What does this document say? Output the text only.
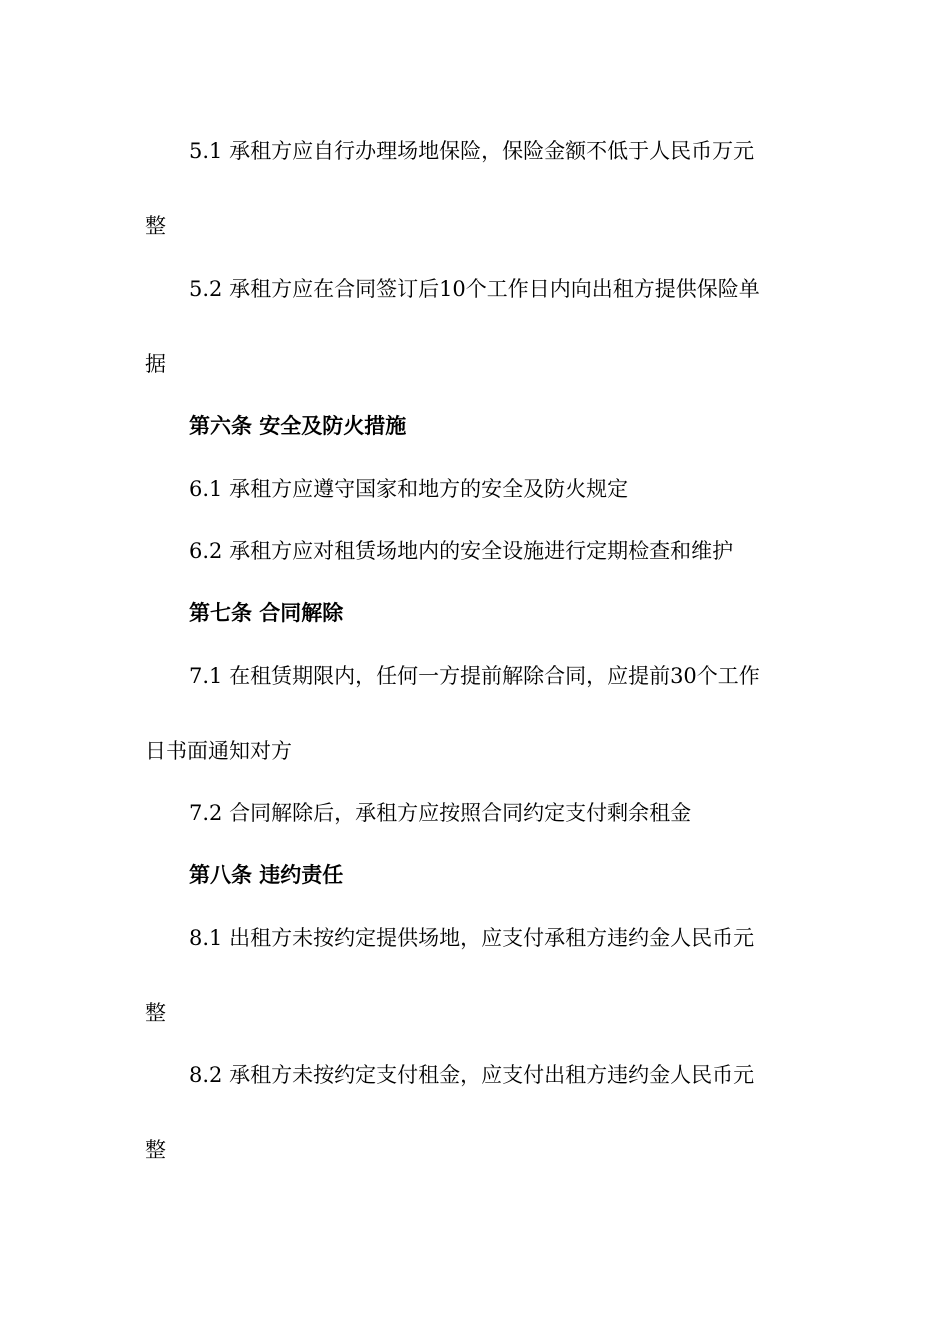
5.1 承租方应自行办理场地保险，保险金额不低于人民币万元
整
5.2 承租方应在合同签订后10个工作日内向出租方提供保险单
据
第六条 安全及防火措施
6.1 承租方应遵守国家和地方的安全及防火规定
6.2 承租方应对租赁场地内的安全设施进行定期检查和维护
第七条 合同解除
7.1 在租赁期限内，任何一方提前解除合同，应提前30个工作
日书面通知对方
7.2 合同解除后，承租方应按照合同约定支付剩余租金
第八条 违约责任
8.1 出租方未按约定提供场地，应支付承租方违约金人民币元
整
8.2 承租方未按约定支付租金，应支付出租方违约金人民币元
整
